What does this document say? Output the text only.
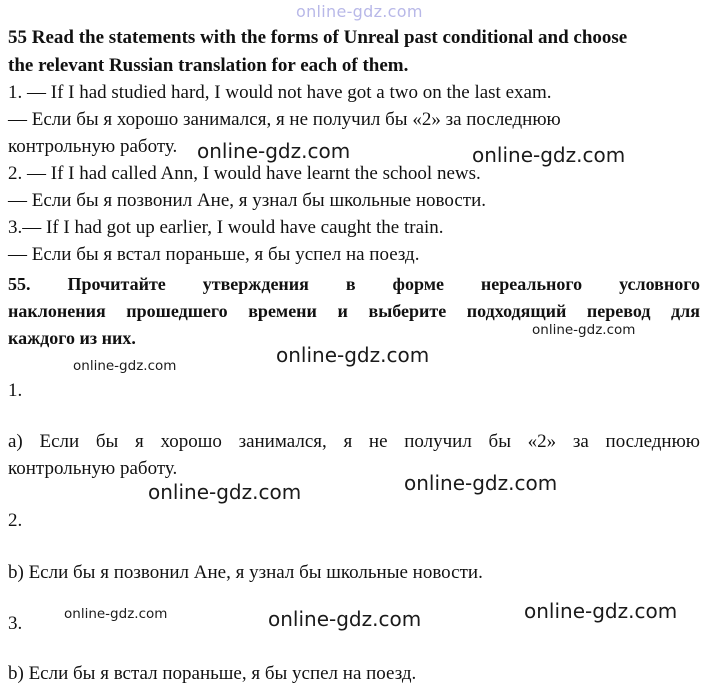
online-gdz.com
55 Read the statements with the forms of Unreal past conditional and choose
the relevant Russian translation for each of them.
1. — If I had studied hard, I would not have got a two on the last exam.
— Если бы я хорошо занимался, я не получил бы «2» за последнюю
контрольную работу.
2. — If I had called Ann, I would have learnt the school news.
— Если бы я позвонил Ане, я узнал бы школьные новости.
3.— If I had got up earlier, I would have caught the train.
— Если бы я встал пораньше, я бы успел на поезд.
55. Прочитайте утверждения в форме нереального условного
наклонения прошедшего времени и выберите подходящий перевод для
каждого из них.
1.
a) Если бы я хорошо занимался, я не получил бы «2» за последнюю
контрольную работу.
2.
b) Если бы я позвонил Ане, я узнал бы школьные новости.
3.
b) Если бы я встал пораньше, я бы успел на поезд.
online-gdz.com	online-gdz.com
online-gdz.com
online-gdz.com
online-gdz.com
online-gdz.com
online-gdz.com
online-gdz.com	online-gdz.com	online-gdz.com
